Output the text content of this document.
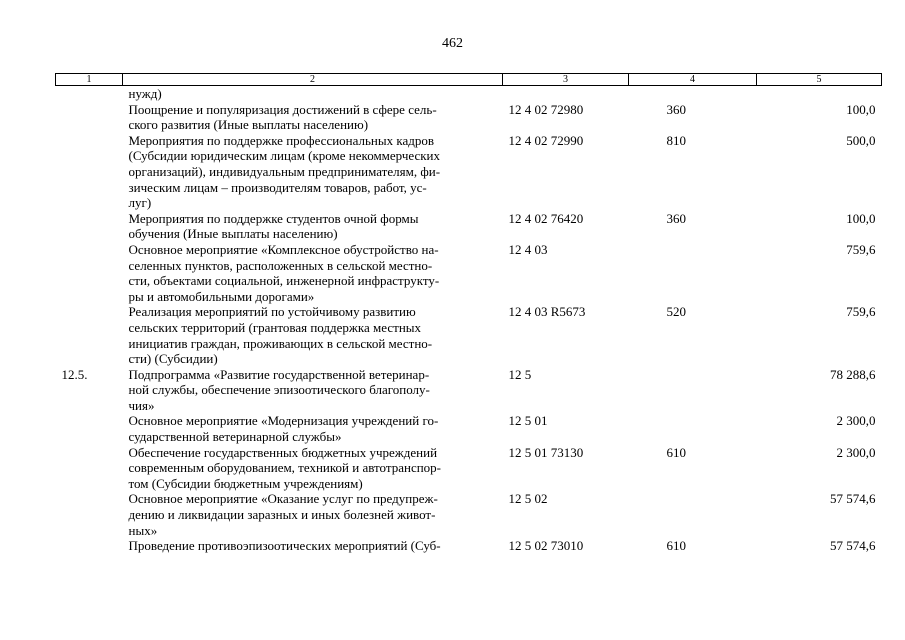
462
1	2	3	4	5

	нужд)			

	Поощрение и популяризация достижений в сфере сель-
ского развития (Иные выплаты населению)	12 4 02 72980	360	100,0

	Мероприятия по поддержке профессиональных кадров
(Субсидии юридическим лицам (кроме некоммерческих
организаций), индивидуальным предпринимателям, фи-
зическим лицам – производителям товаров, работ, ус-
луг)	12 4 02 72990	810	500,0

	Мероприятия по поддержке студентов очной формы
обучения (Иные выплаты населению)	12 4 02 76420	360	100,0

	Основное мероприятие «Комплексное обустройство на-
селенных пунктов, расположенных в сельской местно-
сти, объектами социальной, инженерной инфраструкту-
ры и автомобильными дорогами»	12 4 03		759,6

	Реализация мероприятий по устойчивому развитию
сельских территорий (грантовая поддержка местных
инициатив граждан, проживающих в сельской местно-
сти) (Субсидии)	12 4 03 R5673	520	759,6
12.5.	Подпрограмма «Развитие государственной ветеринар-
ной службы, обеспечение эпизоотического благополу-
чия»	12 5		78 288,6

	Основное мероприятие «Модернизация учреждений го-
сударственной ветеринарной службы»	12 5 01		2 300,0

	Обеспечение государственных бюджетных учреждений
современным оборудованием, техникой и автотранспор-
том (Субсидии бюджетным учреждениям)	12 5 01 73130	610	2 300,0

	Основное мероприятие «Оказание услуг по предупреж-
дению и ликвидации заразных и иных болезней живот-
ных»	12 5 02		57 574,6

	Проведение противоэпизоотических мероприятий (Суб-	12 5 02 73010	610	57 574,6
